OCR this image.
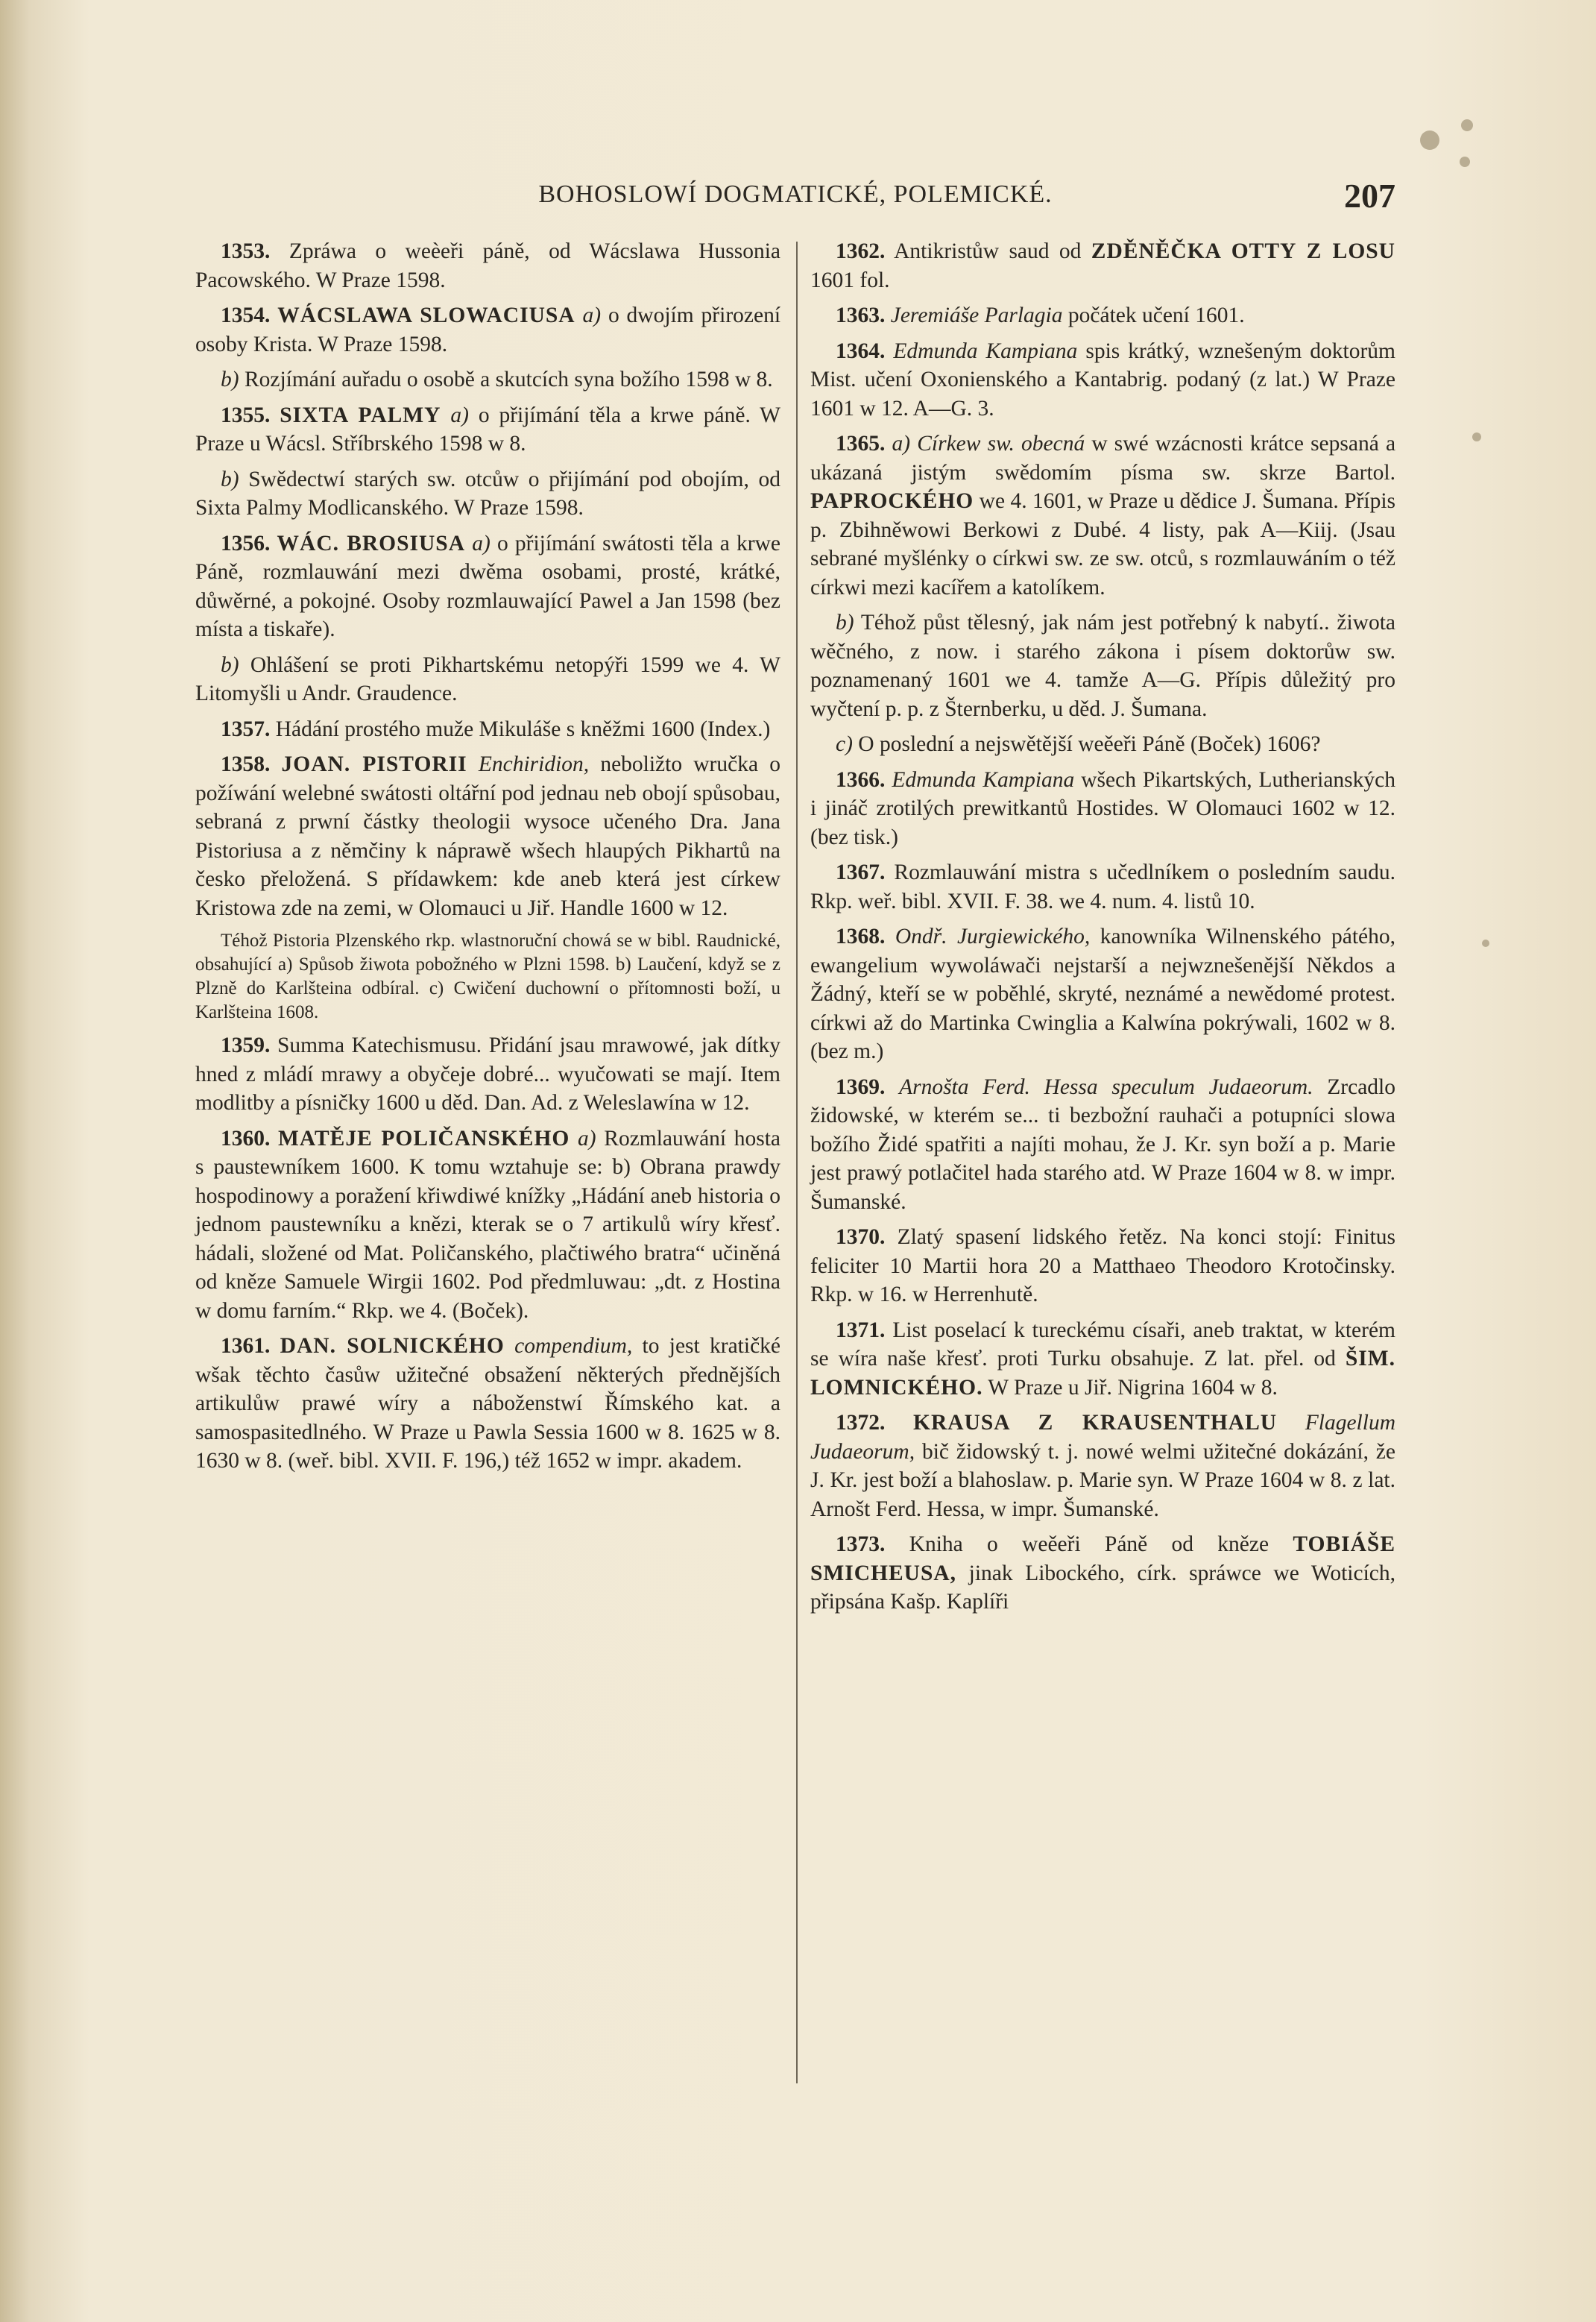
BOHOSLOWÍ DOGMATICKÉ, POLEMICKÉ.	207

1353. Zpráwa o weèeři páně, od Wácslawa Hussonia Pacowského. W Praze 1598.

1354. WÁCSLAWA SLOWACIUSA a) o dwojím přirození osoby Krista. W Praze 1598.

b) Rozjímání auřadu o osobě a skutcích syna božího 1598 w 8.

1355. SIXTA PALMY a) o přijímání těla a krwe páně. W Praze u Wácsl. Stříbrského 1598 w 8.

b) Swědectwí starých sw. otcůw o přijímání pod obojím, od Sixta Palmy Modlicanského. W Praze 1598.

1356. WÁC. BROSIUSA a) o přijímání swátosti těla a krwe Páně, rozmlauwání mezi dwěma osobami, prosté, krátké, důwěrné, a pokojné. Osoby rozmlauwající Pawel a Jan 1598 (bez místa a tiskaře).

b) Ohlášení se proti Pikhartskému netopýři 1599 we 4. W Litomyšli u Andr. Graudence.

1357. Hádání prostého muže Mikuláše s kněžmi 1600 (Index.)

1358. JOAN. PISTORII Enchiridion, neboližto wručka o požíwání welebné swátosti oltářní pod jednau neb obojí spůsobau, sebraná z prwní částky theologii wysoce učeného Dra. Jana Pistoriusa a z němčiny k náprawě wšech hlaupých Pikhartů na česko přeložená. S přídawkem: kde aneb která jest církew Kristowa zde na zemi, w Olomauci u Jiř. Handle 1600 w 12.

Téhož Pistoria Plzenského rkp. wlastnoruční chowá se w bibl. Raudnické, obsahující a) Spůsob žiwota pobožného w Plzni 1598. b) Laučení, když se z Plzně do Karlšteina odbíral. c) Cwičení duchowní o přítomnosti boží, u Karlšteina 1608.

1359. Summa Katechismusu. Přidání jsau mrawowé, jak dítky hned z mládí mrawy a obyčeje dobré... wyučowati se mají. Item modlitby a písničky 1600 u děd. Dan. Ad. z Weleslawína w 12.

1360. MATĚJE POLIČANSKÉHO a) Rozmlauwání hosta s paustewníkem 1600. K tomu wztahuje se: b) Obrana prawdy hospodinowy a poražení křiwdiwé knížky „Hádání aneb historia o jednom paustewníku a knězi, kterak se o 7 artikulů wíry křesť. hádali, složené od Mat. Poličanského, plačtiwého bratra“ učiněná od kněze Samuele Wirgii 1602. Pod předmluwau: „dt. z Hostina w domu farním.“ Rkp. we 4. (Boček).

1361. DAN. SOLNICKÉHO compendium, to jest kratičké wšak těchto časůw užitečné obsažení některých přednějších artikulůw prawé wíry a náboženstwí Římského kat. a samospasitedlného. W Praze u Pawla Sessia 1600 w 8. 1625 w 8. 1630 w 8. (weř. bibl. XVII. F. 196,) též 1652 w impr. akadem.

1362. Antikristůw saud od ZDĚNĚČKA OTTY Z LOSU 1601 fol.

1363. Jeremiáše Parlagia počátek učení 1601.

1364. Edmunda Kampiana spis krátký, wznešeným doktorům Mist. učení Oxonienského a Kantabrig. podaný (z lat.) W Praze 1601 w 12. A—G. 3.

1365. a) Církew sw. obecná w swé wzácnosti krátce sepsaná a ukázaná jistým swědomím písma sw. skrze Bartol. PAPROCKÉHO we 4. 1601, w Praze u dědice J. Šumana. Přípis p. Zbihněwowi Berkowi z Dubé. 4 listy, pak A—Kiij. (Jsau sebrané myšlénky o církwi sw. ze sw. otců, s rozmlauwáním o též církwi mezi kacířem a katolíkem.

b) Téhož půst tělesný, jak nám jest potřebný k nabytí.. žiwota wěčného, z now. i starého zákona i písem doktorůw sw. poznamenaný 1601 we 4. tamže A—G. Přípis důležitý pro wyčtení p. p. z Šternberku, u děd. J. Šumana.

c) O poslední a nejswětější weěeři Páně (Boček) 1606?

1366. Edmunda Kampiana wšech Pikartských, Lutherianských i jináč zrotilých prewitkantů Hostides. W Olomauci 1602 w 12. (bez tisk.)

1367. Rozmlauwání mistra s učedlníkem o posledním saudu. Rkp. weř. bibl. XVII. F. 38. we 4. num. 4. listů 10.

1368. Ondř. Jurgiewického, kanowníka Wilnenského pátého, ewangelium wywoláwači nejstarší a nejwznešenější Někdos a Žádný, kteří se w poběhlé, skryté, neznámé a newědomé protest. církwi až do Martinka Cwinglia a Kalwína pokrýwali, 1602 w 8. (bez m.)

1369. Arnošta Ferd. Hessa speculum Judaeorum. Zrcadlo židowské, w kterém se... ti bezbožní rauhači a potupníci slowa božího Židé spatřiti a najíti mohau, že J. Kr. syn boží a p. Marie jest prawý potlačitel hada starého atd. W Praze 1604 w 8. w impr. Šumanské.

1370. Zlatý spasení lidského řetěz. Na konci stojí: Finitus feliciter 10 Martii hora 20 a Matthaeo Theodoro Krotočinsky. Rkp. w 16. w Herrenhutě.

1371. List poselací k tureckému císaři, aneb traktat, w kterém se wíra naše křesť. proti Turku obsahuje. Z lat. přel. od ŠIM. LOMNICKÉHO. W Praze u Jiř. Nigrina 1604 w 8.

1372. KRAUSA Z KRAUSENTHALU Flagellum Judaeorum, bič židowský t. j. nowé welmi užitečné dokázání, že J. Kr. jest boží a blahoslaw. p. Marie syn. W Praze 1604 w 8. z lat. Arnošt Ferd. Hessa, w impr. Šumanské.

1373. Kniha o weěeři Páně od kněze TOBIÁŠE SMICHEUSA, jinak Libockého, círk. spráwce we Woticích, připsána Kašp. Kaplíři
